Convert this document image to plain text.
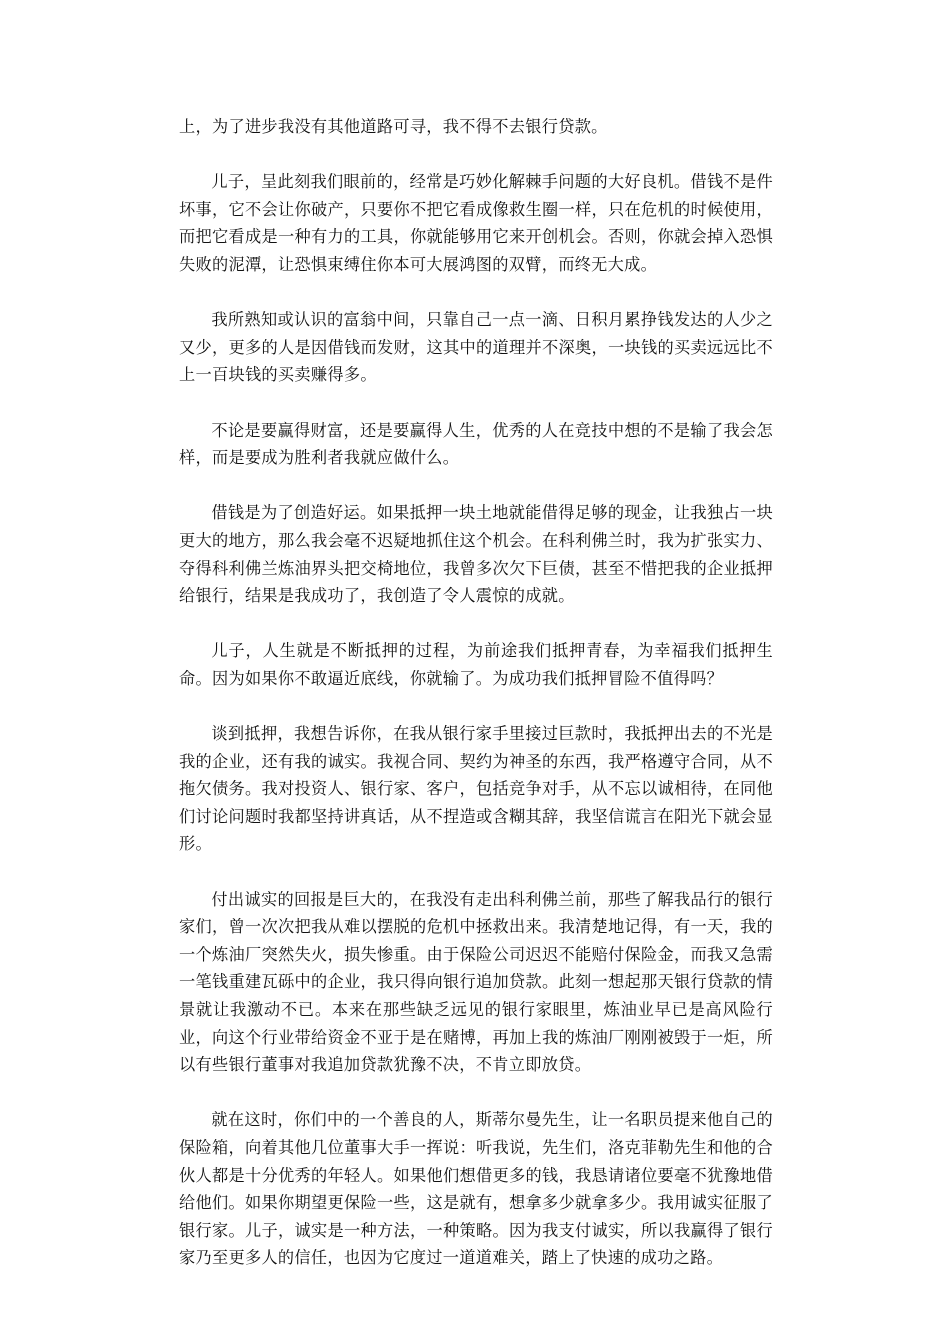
上，为了进步我没有其他道路可寻，我不得不去银行贷款。

儿子，呈此刻我们眼前的，经常是巧妙化解棘手问题的大好良机。借钱不是件坏事，它不会让你破产，只要你不把它看成像救生圈一样，只在危机的时候使用，而把它看成是一种有力的工具，你就能够用它来开创机会。否则，你就会掉入恐惧失败的泥潭，让恐惧束缚住你本可大展鸿图的双臂，而终无大成。

我所熟知或认识的富翁中间，只靠自己一点一滴、日积月累挣钱发达的人少之又少，更多的人是因借钱而发财，这其中的道理并不深奥，一块钱的买卖远远比不上一百块钱的买卖赚得多。

不论是要赢得财富，还是要赢得人生，优秀的人在竞技中想的不是输了我会怎样，而是要成为胜利者我就应做什么。

借钱是为了创造好运。如果抵押一块土地就能借得足够的现金，让我独占一块更大的地方，那么我会毫不迟疑地抓住这个机会。在科利佛兰时，我为扩张实力、夺得科利佛兰炼油界头把交椅地位，我曾多次欠下巨债，甚至不惜把我的企业抵押给银行，结果是我成功了，我创造了令人震惊的成就。

儿子，人生就是不断抵押的过程，为前途我们抵押青春，为幸福我们抵押生命。因为如果你不敢逼近底线，你就输了。为成功我们抵押冒险不值得吗？

谈到抵押，我想告诉你，在我从银行家手里接过巨款时，我抵押出去的不光是我的企业，还有我的诚实。我视合同、契约为神圣的东西，我严格遵守合同，从不拖欠债务。我对投资人、银行家、客户，包括竞争对手，从不忘以诚相待，在同他们讨论问题时我都坚持讲真话，从不捏造或含糊其辞，我坚信谎言在阳光下就会显形。

付出诚实的回报是巨大的，在我没有走出科利佛兰前，那些了解我品行的银行家们，曾一次次把我从难以摆脱的危机中拯救出来。我清楚地记得，有一天，我的一个炼油厂突然失火，损失惨重。由于保险公司迟迟不能赔付保险金，而我又急需一笔钱重建瓦砾中的企业，我只得向银行追加贷款。此刻一想起那天银行贷款的情景就让我激动不已。本来在那些缺乏远见的银行家眼里，炼油业早已是高风险行业，向这个行业带给资金不亚于是在赌博，再加上我的炼油厂刚刚被毁于一炬，所以有些银行董事对我追加贷款犹豫不决，不肯立即放贷。

就在这时，你们中的一个善良的人，斯蒂尔曼先生，让一名职员提来他自己的保险箱，向着其他几位董事大手一挥说：听我说，先生们，洛克菲勒先生和他的合伙人都是十分优秀的年轻人。如果他们想借更多的钱，我恳请诸位要毫不犹豫地借给他们。如果你期望更保险一些，这是就有，想拿多少就拿多少。我用诚实征服了银行家。儿子，诚实是一种方法，一种策略。因为我支付诚实，所以我赢得了银行家乃至更多人的信任，也因为它度过一道道难关，踏上了快速的成功之路。
